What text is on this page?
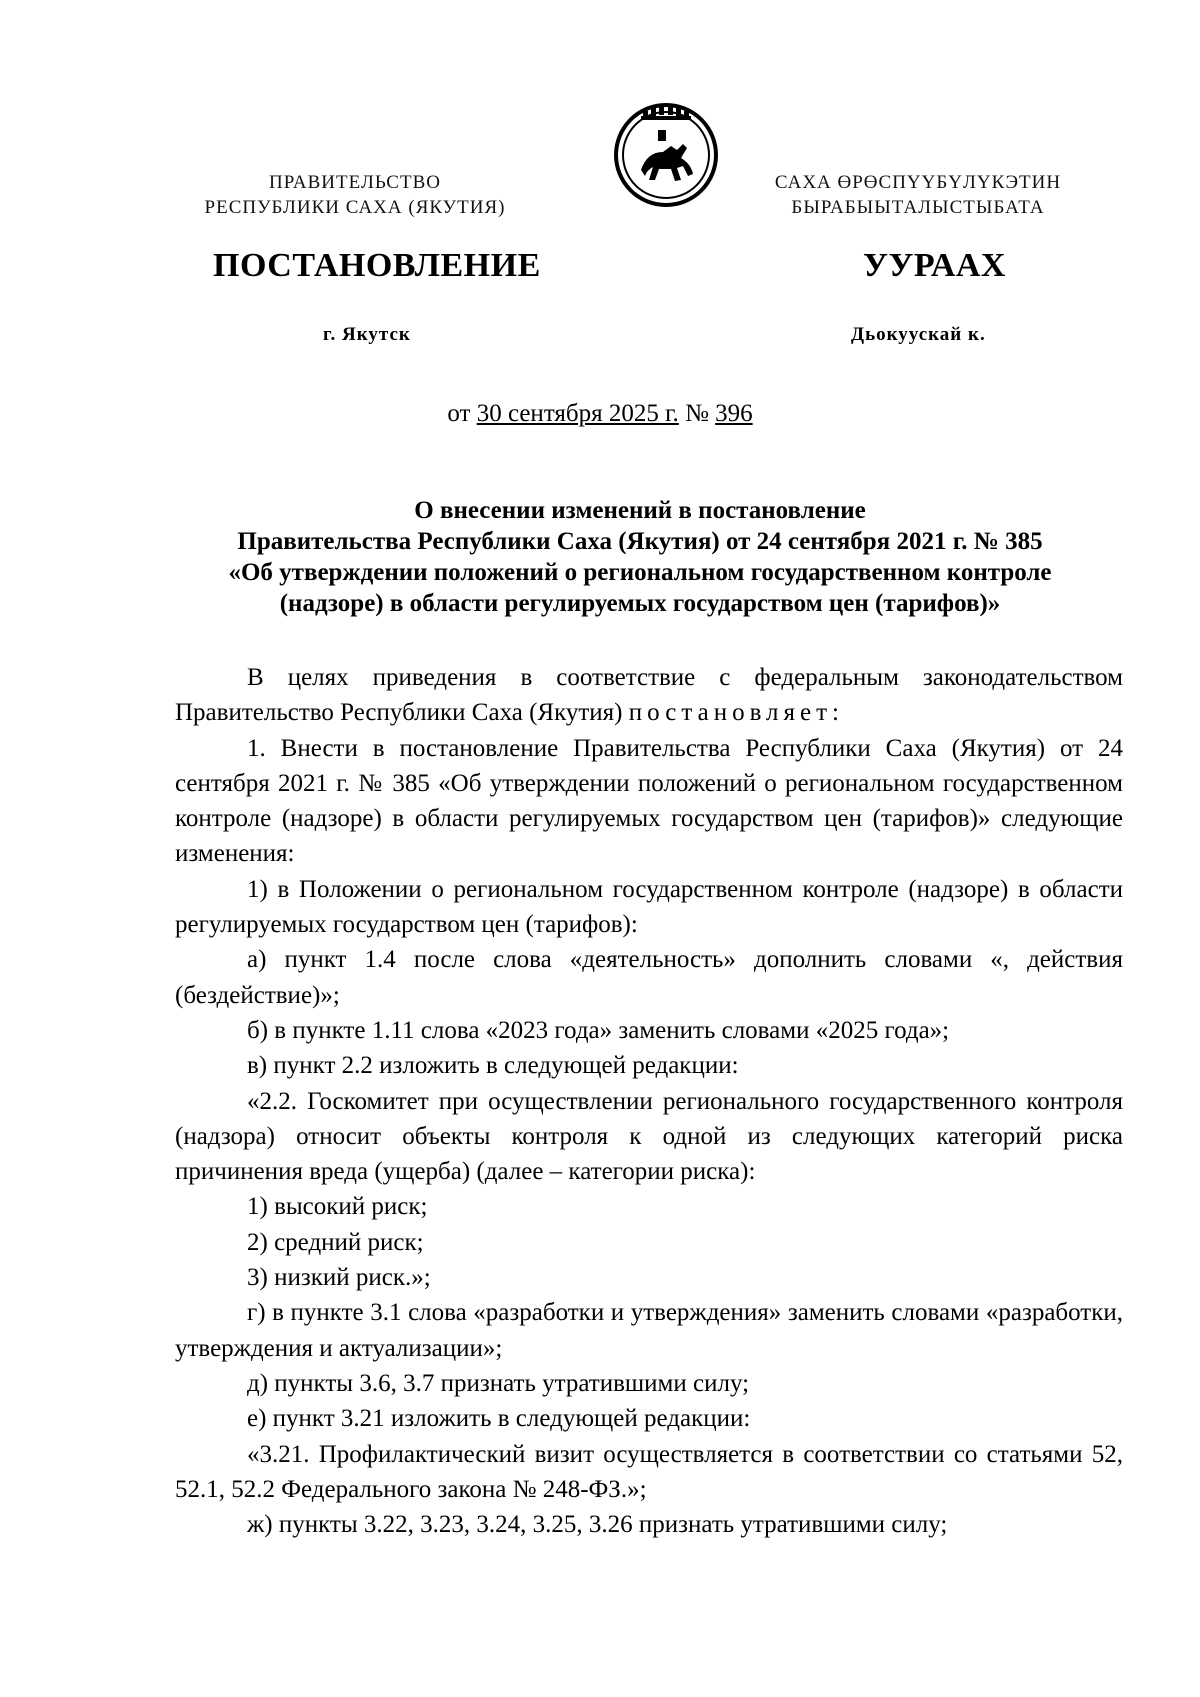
ПРАВИТЕЛЬСТВО
РЕСПУБЛИКИ САХА (ЯКУТИЯ)
САХА ӨРӨСПҮҮБҮЛҮКЭТИН
БЫРАБЫЫТАЛЫСТЫБАТА
ПОСТАНОВЛЕНИЕ	УУРААХ
г. Якутск	Дьокуускай к.
от 30 сентября 2025 г. № 396
О внесении изменений в постановление
Правительства Республики Саха (Якутия) от 24 сентября 2021 г. № 385
«Об утверждении положений о региональном государственном контроле
(надзоре) в области регулируемых государством цен (тарифов)»

В целях приведения в соответствие с федеральным законодательством Правительство Республики Саха (Якутия) постановляет:

1. Внести в постановление Правительства Республики Саха (Якутия) от 24 сентября 2021 г. № 385 «Об утверждении положений о региональном государственном контроле (надзоре) в области регулируемых государством цен (тарифов)» следующие изменения:

1) в Положении о региональном государственном контроле (надзоре) в области регулируемых государством цен (тарифов):

а) пункт 1.4 после слова «деятельность» дополнить словами «, действия (бездействие)»;

б) в пункте 1.11 слова «2023 года» заменить словами «2025 года»;

в) пункт 2.2 изложить в следующей редакции:

«2.2. Госкомитет при осуществлении регионального государственного контроля (надзора) относит объекты контроля к одной из следующих категорий риска причинения вреда (ущерба) (далее – категории риска):

1) высокий риск;

2) средний риск;

3) низкий риск.»;

г) в пункте 3.1 слова «разработки и утверждения» заменить словами «разработки, утверждения и актуализации»;

д) пункты 3.6, 3.7 признать утратившими силу;

е) пункт 3.21 изложить в следующей редакции:

«3.21. Профилактический визит осуществляется в соответствии со статьями 52, 52.1, 52.2 Федерального закона № 248-ФЗ.»;

ж) пункты 3.22, 3.23, 3.24, 3.25, 3.26 признать утратившими силу;
